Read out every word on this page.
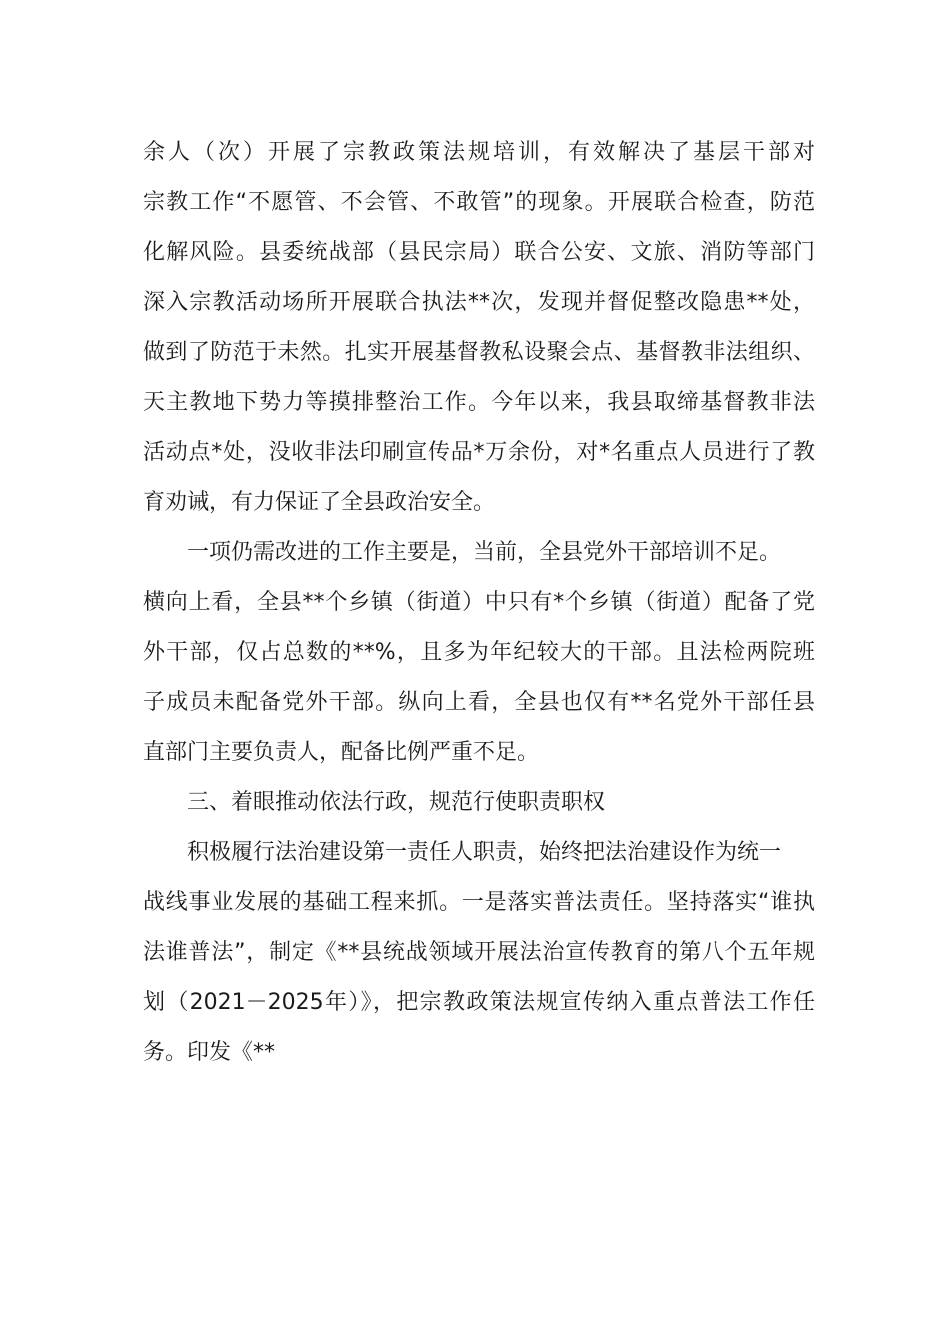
余人（次）开展了宗教政策法规培训，有效解决了基层干部对
宗教工作“不愿管、不会管、不敢管”的现象。开展联合检查，防范
化解风险。县委统战部（县民宗局）联合公安、文旅、消防等部门
深入宗教活动场所开展联合执法**次，发现并督促整改隐患**处，
做到了防范于未然。扎实开展基督教私设聚会点、基督教非法组织、
天主教地下势力等摸排整治工作。今年以来，我县取缔基督教非法
活动点*处，没收非法印刷宣传品*万余份，对*名重点人员进行了教
育劝诫，有力保证了全县政治安全。
一项仍需改进的工作主要是，当前，全县党外干部培训不足。
横向上看，全县**个乡镇（街道）中只有*个乡镇（街道）配备了党
外干部，仅占总数的**%，且多为年纪较大的干部。且法检两院班
子成员未配备党外干部。纵向上看，全县也仅有**名党外干部任县
直部门主要负责人，配备比例严重不足。
三、着眼推动依法行政，规范行使职责职权
积极履行法治建设第一责任人职责，始终把法治建设作为统一
战线事业发展的基础工程来抓。一是落实普法责任。坚持落实“谁执
法谁普法”，制定《**县统战领域开展法治宣传教育的第八个五年规
划（2021－2025年）》，把宗教政策法规宣传纳入重点普法工作任
务。印发《**
